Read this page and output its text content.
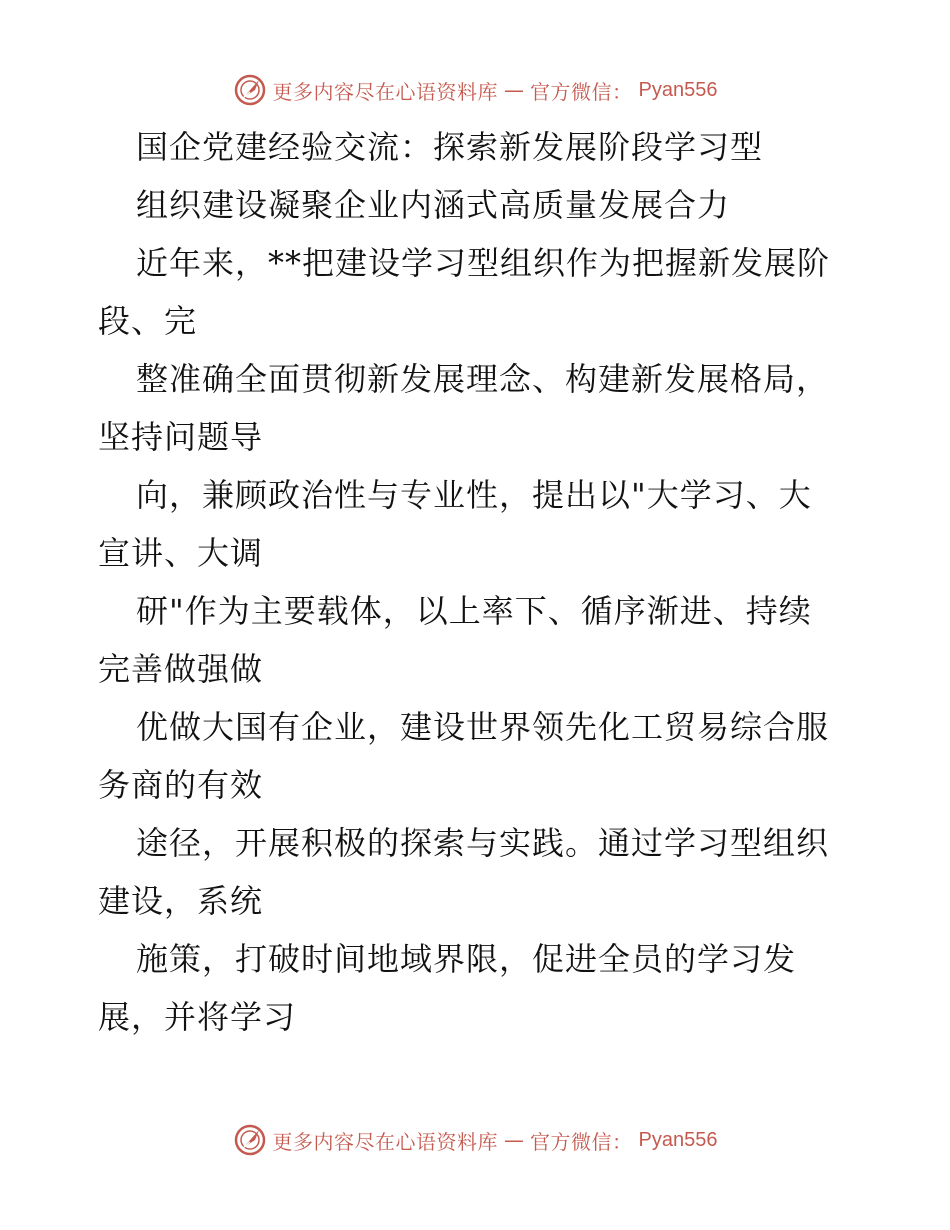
更多内容尽在心语资料库 — 官方微信： Pyan556
国企党建经验交流：探索新发展阶段学习型
组织建设凝聚企业内涵式高质量发展合力
近年来，**把建设学习型组织作为把握新发展阶
段、完
整准确全面贯彻新发展理念、构建新发展格局，
坚持问题导
向，兼顾政治性与专业性，提出以"大学习、大
宣讲、大调
研"作为主要载体，以上率下、循序渐进、持续
完善做强做
优做大国有企业，建设世界领先化工贸易综合服
务商的有效
途径，开展积极的探索与实践。通过学习型组织
建设，系统
施策，打破时间地域界限，促进全员的学习发
展，并将学习
更多内容尽在心语资料库 — 官方微信： Pyan556
